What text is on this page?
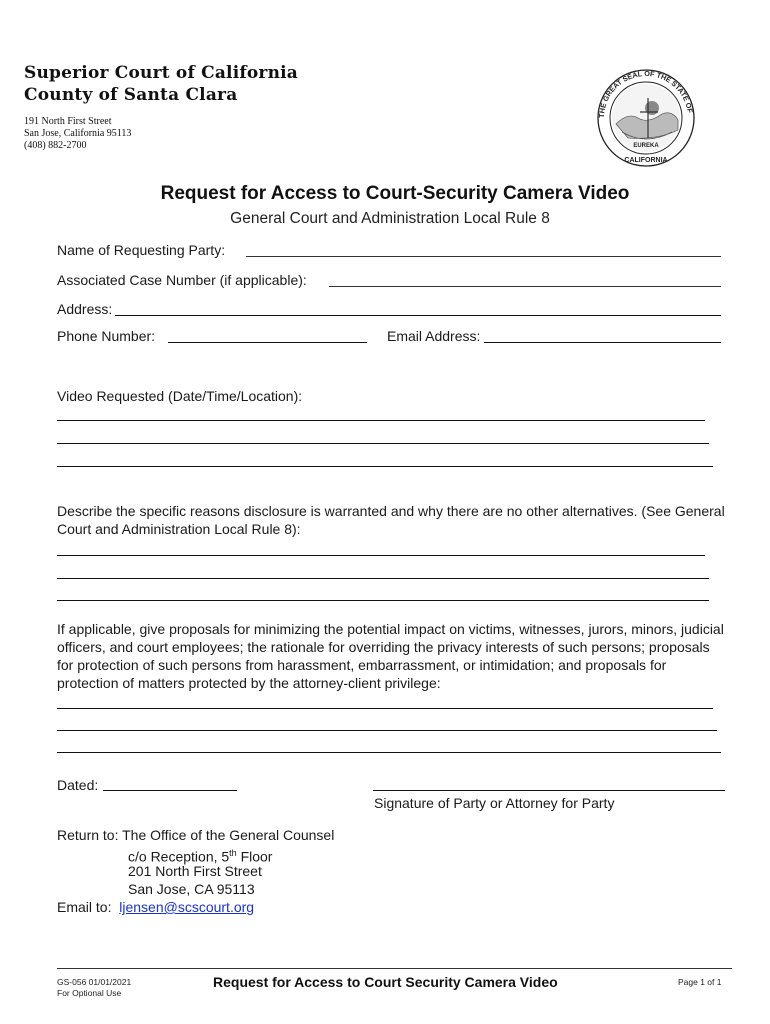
Superior Court of California
County of Santa Clara
191 North First Street
San Jose, California 95113
(408) 882-2700	EUREKA
THE GREAT SEAL OF THE STATE OF
CALIFORNIA
Request for Access to Court-Security Camera Video
General Court and Administration Local Rule 8
Name of Requesting Party:
Associated Case Number (if applicable):
Address:
Phone Number:	Email Address:
Video Requested (Date/Time/Location):
Describe the specific reasons disclosure is warranted and why there are no other alternatives. (See General Court and Administration Local Rule 8):
If applicable, give proposals for minimizing the potential impact on victims, witnesses, jurors, minors, judicial officers, and court employees; the rationale for overriding the privacy interests of such persons; proposals for protection of such persons from harassment, embarrassment, or intimidation; and proposals for protection of matters protected by the attorney-client privilege:
Dated:
Signature of Party or Attorney for Party
Return to: The Office of the General Counsel
c/o Reception, 5th Floor
201 North First Street
San Jose, CA 95113
Email to: ljensen@scscourt.org
GS-056 01/01/2021
For Optional Use
Request for Access to Court Security Camera Video	Page 1 of 1
